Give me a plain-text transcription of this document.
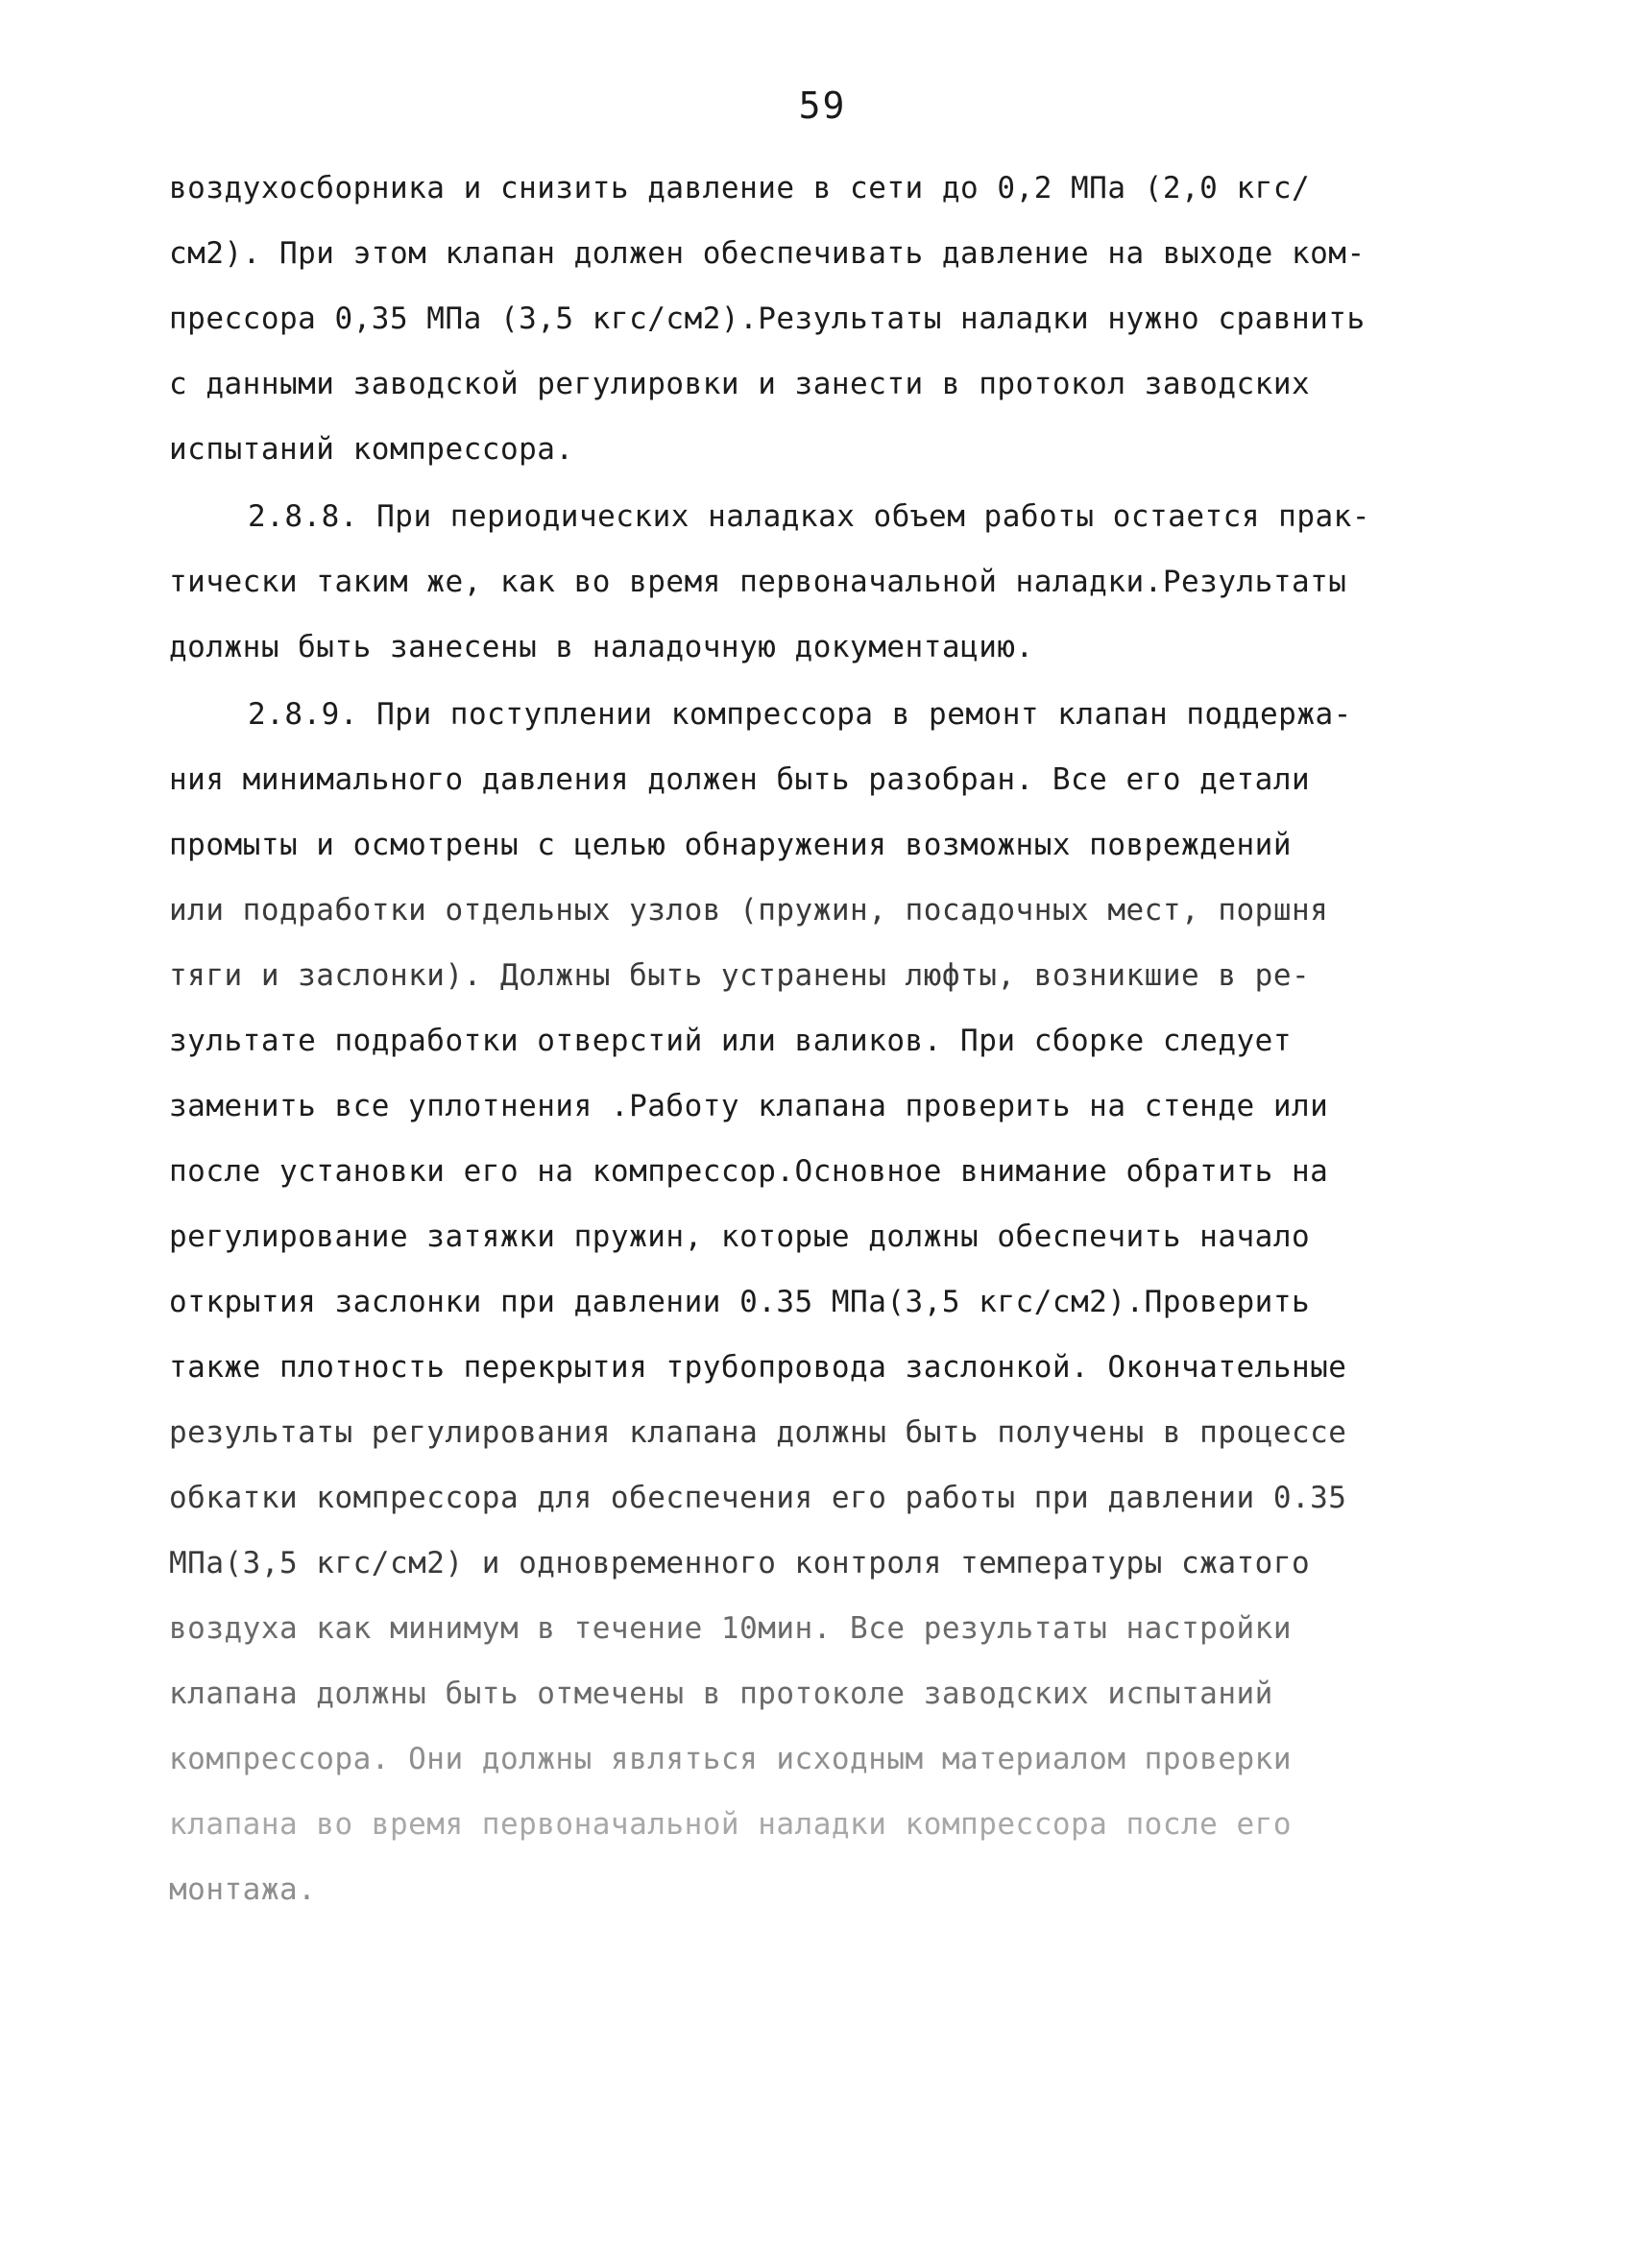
59
воздухосборника и снизить давление в сети до 0,2 МПа (2,0 кгс/
см2). При этом клапан должен обеспечивать давление на выходе ком-
прессора 0,35 МПа (3,5 кгс/см2).Результаты наладки нужно сравнить
с данными заводской регулировки и занести в протокол заводских
испытаний компрессора.
2.8.8. При периодических наладках объем работы остается прак-
тически таким же, как во время первоначальной наладки.Результаты
должны быть занесены в наладочную документацию.
2.8.9. При поступлении компрессора в ремонт клапан поддержа-
ния минимального давления должен быть разобран. Все его детали
промыты и осмотрены с целью обнаружения возможных повреждений
или подработки отдельных узлов (пружин, посадочных мест, поршня
тяги и заслонки). Должны быть устранены люфты, возникшие в ре-
зультате подработки отверстий или валиков. При сборке следует
заменить все уплотнения .Работу клапана проверить на стенде или
после установки его на компрессор.Основное внимание обратить на
регулирование затяжки пружин, которые должны обеспечить начало
открытия заслонки при давлении 0.35 МПа(3,5 кгс/см2).Проверить
также плотность перекрытия трубопровода заслонкой. Окончательные
результаты регулирования клапана должны быть получены в процессе
обкатки компрессора для обеспечения его работы при давлении 0.35
МПа(3,5 кгс/см2) и одновременного контроля температуры сжатого
воздуха как минимум в течение 10мин. Все результаты настройки
клапана должны быть отмечены в протоколе заводских испытаний
компрессора. Они должны являться исходным материалом проверки
клапана во время первоначальной наладки компрессора после его
монтажа.
